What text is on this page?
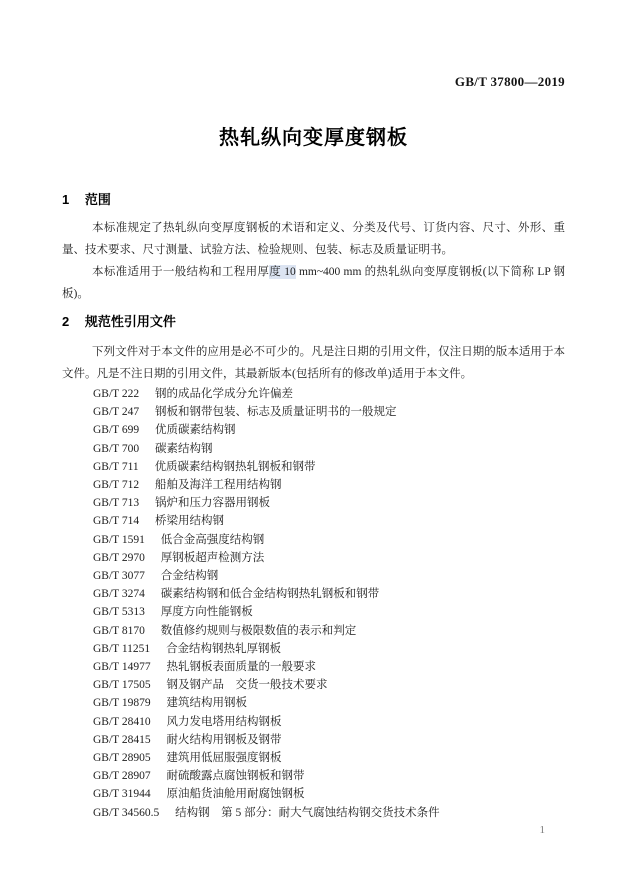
GB/T 37800—2019
热轧纵向变厚度钢板
1 范围

本标准规定了热轧纵向变厚度钢板的术语和定义、分类及代号、订货内容、尺寸、外形、重量、技术要求、尺寸测量、试验方法、检验规则、包装、标志及质量证明书。

本标准适用于一般结构和工程用厚度 10 mm~400 mm 的热轧纵向变厚度钢板(以下简称 LP 钢板)。

2 规范性引用文件

下列文件对于本文件的应用是必不可少的。凡是注日期的引用文件，仅注日期的版本适用于本文件。凡是不注日期的引用文件，其最新版本(包括所有的修改单)适用于本文件。

GB/T 222 钢的成品化学成分允许偏差
GB/T 247 钢板和钢带包装、标志及质量证明书的一般规定
GB/T 699 优质碳素结构钢
GB/T 700 碳素结构钢
GB/T 711 优质碳素结构钢热轧钢板和钢带
GB/T 712 船舶及海洋工程用结构钢
GB/T 713 锅炉和压力容器用钢板
GB/T 714 桥梁用结构钢
GB/T 1591 低合金高强度结构钢
GB/T 2970 厚钢板超声检测方法
GB/T 3077 合金结构钢
GB/T 3274 碳素结构钢和低合金结构钢热轧钢板和钢带
GB/T 5313 厚度方向性能钢板
GB/T 8170 数值修约规则与极限数值的表示和判定
GB/T 11251 合金结构钢热轧厚钢板
GB/T 14977 热轧钢板表面质量的一般要求
GB/T 17505 钢及钢产品　交货一般技术要求
GB/T 19879 建筑结构用钢板
GB/T 28410 风力发电塔用结构钢板
GB/T 28415 耐火结构用钢板及钢带
GB/T 28905 建筑用低屈服强度钢板
GB/T 28907 耐硫酸露点腐蚀钢板和钢带
GB/T 31944 原油船货油舱用耐腐蚀钢板
GB/T 34560.5 结构钢　第 5 部分：耐大气腐蚀结构钢交货技术条件
1
